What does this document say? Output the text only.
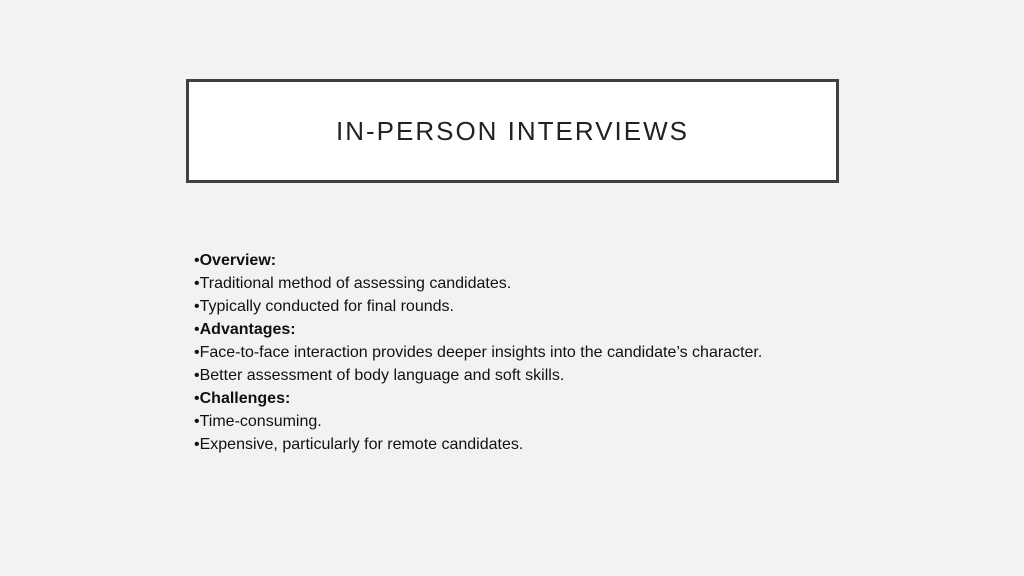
IN-PERSON INTERVIEWS
•Overview:
•Traditional method of assessing candidates.
•Typically conducted for final rounds.
•Advantages:
•Face-to-face interaction provides deeper insights into the candidate’s character.
•Better assessment of body language and soft skills.
•Challenges:
•Time-consuming.
•Expensive, particularly for remote candidates.
